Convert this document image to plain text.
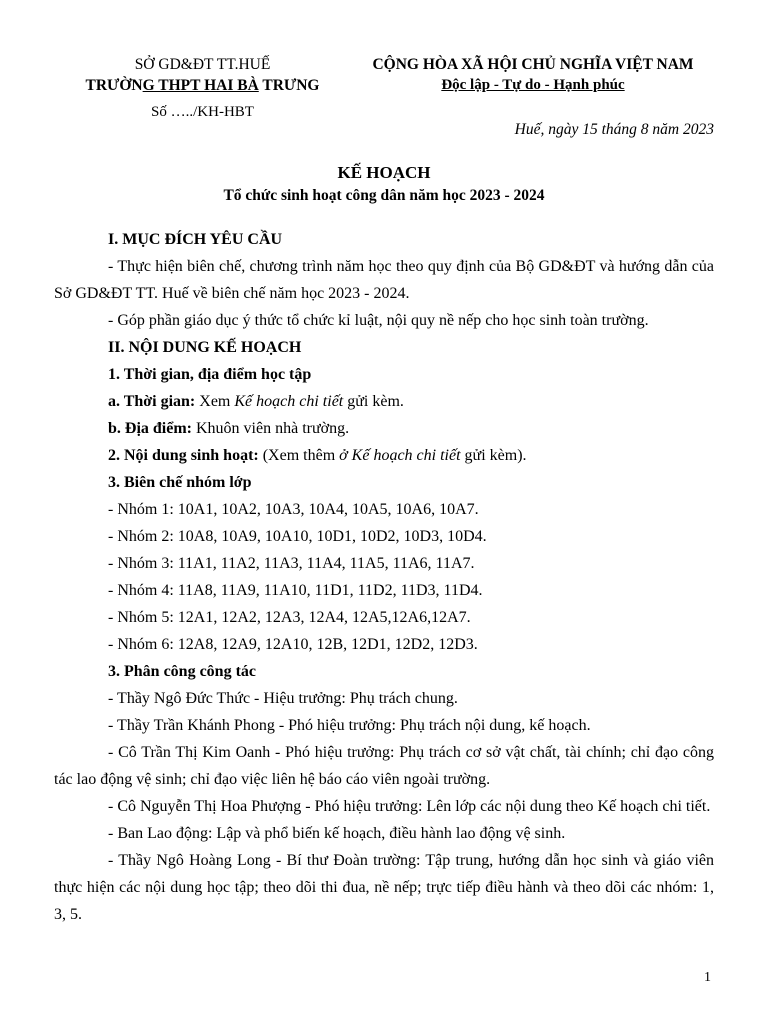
SỞ GD&ĐT TT.HUẾ
TRƯỜNG THPT HAI BÀ TRƯNG
Số …../KH-HBT
CỘNG HÒA XÃ HỘI CHỦ NGHĨA VIỆT NAM
Độc lập - Tự do - Hạnh phúc
Huế, ngày 15 tháng 8 năm 2023
KẾ HOẠCH
Tổ chức sinh hoạt công dân năm học 2023 - 2024

I. MỤC ĐÍCH YÊU CẦU

- Thực hiện biên chế, chương trình năm học theo quy định của Bộ GD&ĐT và hướng dẫn của Sở GD&ĐT TT. Huế về biên chế năm học 2023 - 2024.

- Góp phần giáo dục ý thức tổ chức kỉ luật, nội quy nề nếp cho học sinh toàn trường.

II. NỘI DUNG KẾ HOẠCH

1. Thời gian, địa điểm học tập

a. Thời gian: Xem Kế hoạch chi tiết gửi kèm.

b. Địa điểm: Khuôn viên nhà trường.

2. Nội dung sinh hoạt: (Xem thêm ở Kế hoạch chi tiết gửi kèm).

3. Biên chế nhóm lớp

- Nhóm 1: 10A1, 10A2, 10A3, 10A4, 10A5, 10A6, 10A7.

- Nhóm 2: 10A8, 10A9, 10A10, 10D1, 10D2, 10D3, 10D4.

- Nhóm 3: 11A1, 11A2, 11A3, 11A4, 11A5, 11A6, 11A7.

- Nhóm 4: 11A8, 11A9, 11A10, 11D1, 11D2, 11D3, 11D4.

- Nhóm 5: 12A1, 12A2, 12A3, 12A4, 12A5,12A6,12A7.

- Nhóm 6: 12A8, 12A9, 12A10, 12B, 12D1, 12D2, 12D3.

3. Phân công công tác

- Thầy Ngô Đức Thức - Hiệu trưởng: Phụ trách chung.

- Thầy Trần Khánh Phong - Phó hiệu trưởng: Phụ trách nội dung, kế hoạch.

- Cô Trần Thị Kim Oanh - Phó hiệu trưởng: Phụ trách cơ sở vật chất, tài chính; chỉ đạo công tác lao động vệ sinh; chỉ đạo việc liên hệ báo cáo viên ngoài trường.

- Cô Nguyễn Thị Hoa Phượng - Phó hiệu trưởng: Lên lớp các nội dung theo Kế hoạch chi tiết.

- Ban Lao động: Lập và phổ biến kế hoạch, điều hành lao động vệ sinh.

- Thầy Ngô Hoàng Long - Bí thư Đoàn trường: Tập trung, hướng dẫn học sinh và giáo viên thực hiện các nội dung học tập; theo dõi thi đua, nề nếp; trực tiếp điều hành và theo dõi các nhóm: 1, 3, 5.

1
